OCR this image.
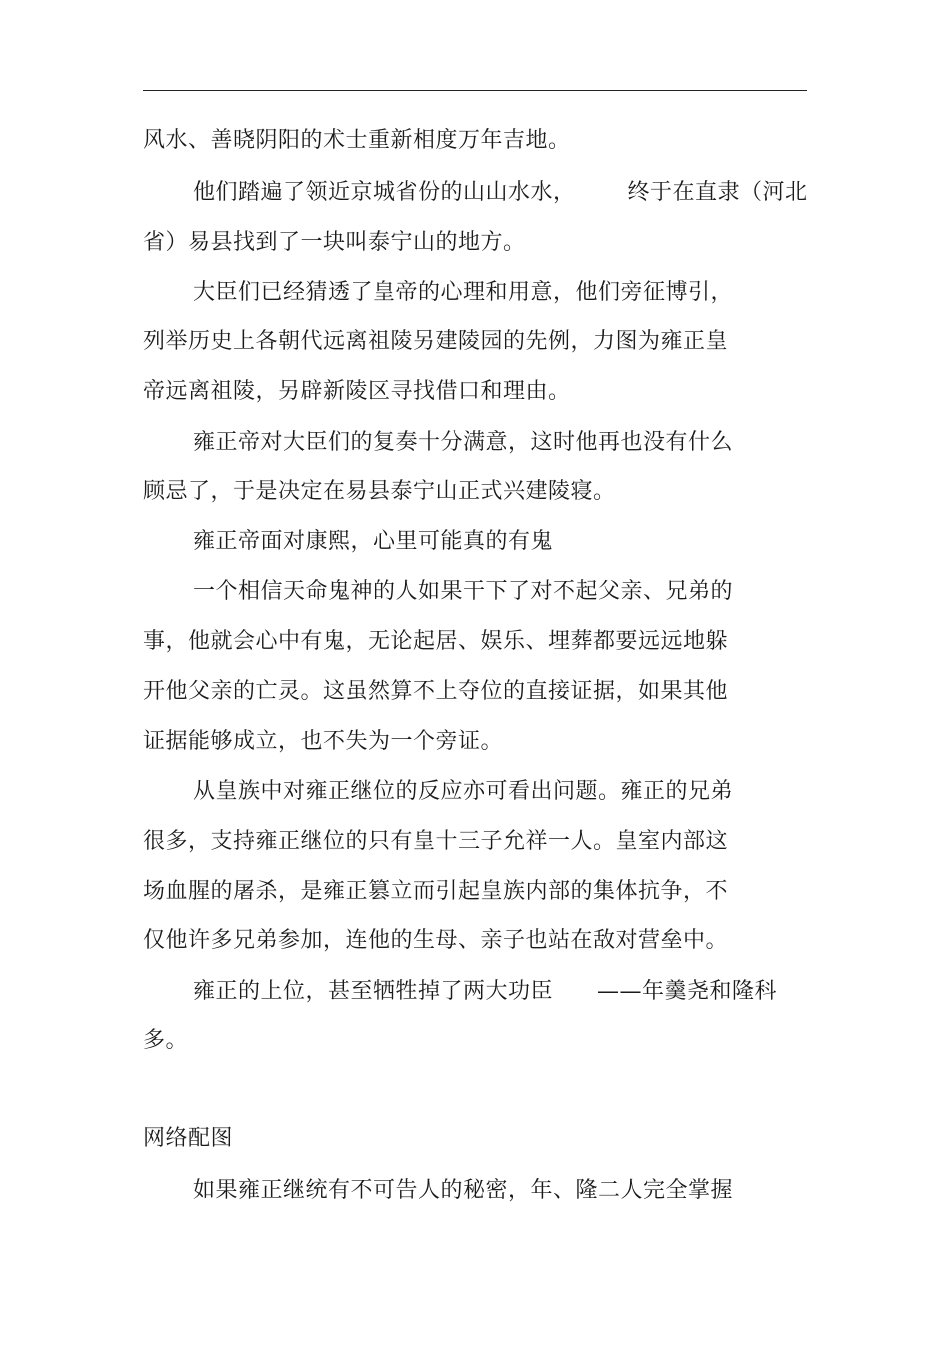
风水、善晓阴阳的术士重新相度万年吉地。
他们踏遍了领近京城省份的山山水水， 终于在直隶（河北
省）易县找到了一块叫泰宁山的地方。
大臣们已经猜透了皇帝的心理和用意，他们旁征博引，
列举历史上各朝代远离祖陵另建陵园的先例，力图为雍正皇
帝远离祖陵，另辟新陵区寻找借口和理由。
雍正帝对大臣们的复奏十分满意，这时他再也没有什么
顾忌了，于是决定在易县泰宁山正式兴建陵寝。
雍正帝面对康熙，心里可能真的有鬼
一个相信天命鬼神的人如果干下了对不起父亲、兄弟的
事，他就会心中有鬼，无论起居、娱乐、埋葬都要远远地躲
开他父亲的亡灵。这虽然算不上夺位的直接证据，如果其他
证据能够成立，也不失为一个旁证。
从皇族中对雍正继位的反应亦可看出问题。雍正的兄弟
很多，支持雍正继位的只有皇十三子允祥一人。皇室内部这
场血腥的屠杀，是雍正篡立而引起皇族内部的集体抗争，不
仅他许多兄弟参加，连他的生母、亲子也站在敌对营垒中。
雍正的上位，甚至牺牲掉了两大功臣 ——年羹尧和隆科
多。
网络配图
如果雍正继统有不可告人的秘密，年、隆二人完全掌握
